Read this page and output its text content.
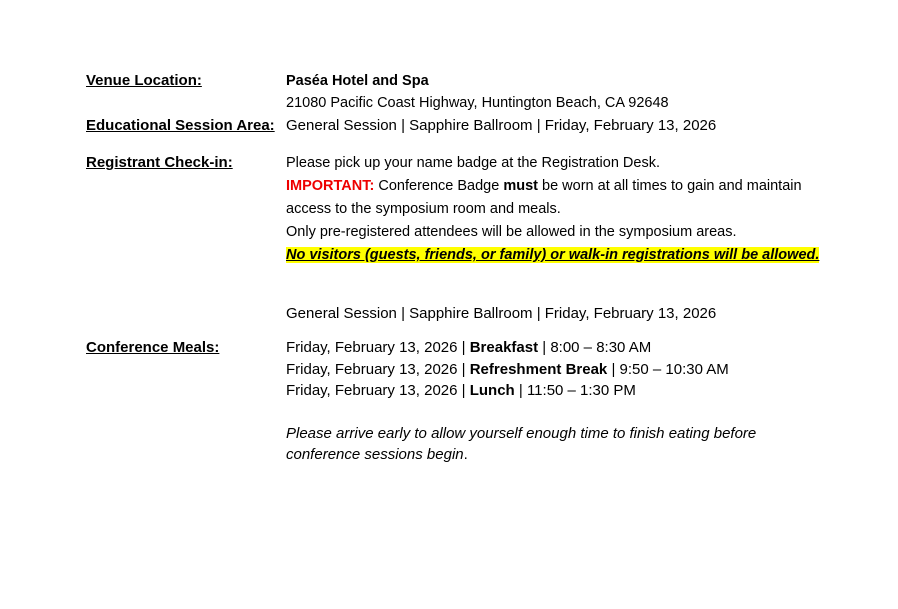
Venue Location:	Paséa Hotel and Spa
21080 Pacific Coast Highway, Huntington Beach, CA 92648
Educational Session Area: General Session | Sapphire Ballroom | Friday, February 13, 2026
Registrant Check-in:	Please pick up your name badge at the Registration Desk.
IMPORTANT: Conference Badge must be worn at all times to gain and maintain access to the symposium room and meals.
Only pre-registered attendees will be allowed in the symposium areas.
No visitors (guests, friends, or family) or walk-in registrations will be allowed.
General Session | Sapphire Ballroom | Friday, February 13, 2026
Conference Meals:	Friday, February 13, 2026 | Breakfast | 8:00 – 8:30 AM
Friday, February 13, 2026 | Refreshment Break | 9:50 – 10:30 AM
Friday, February 13, 2026 | Lunch | 11:50 – 1:30 PM
Please arrive early to allow yourself enough time to finish eating before conference sessions begin.
